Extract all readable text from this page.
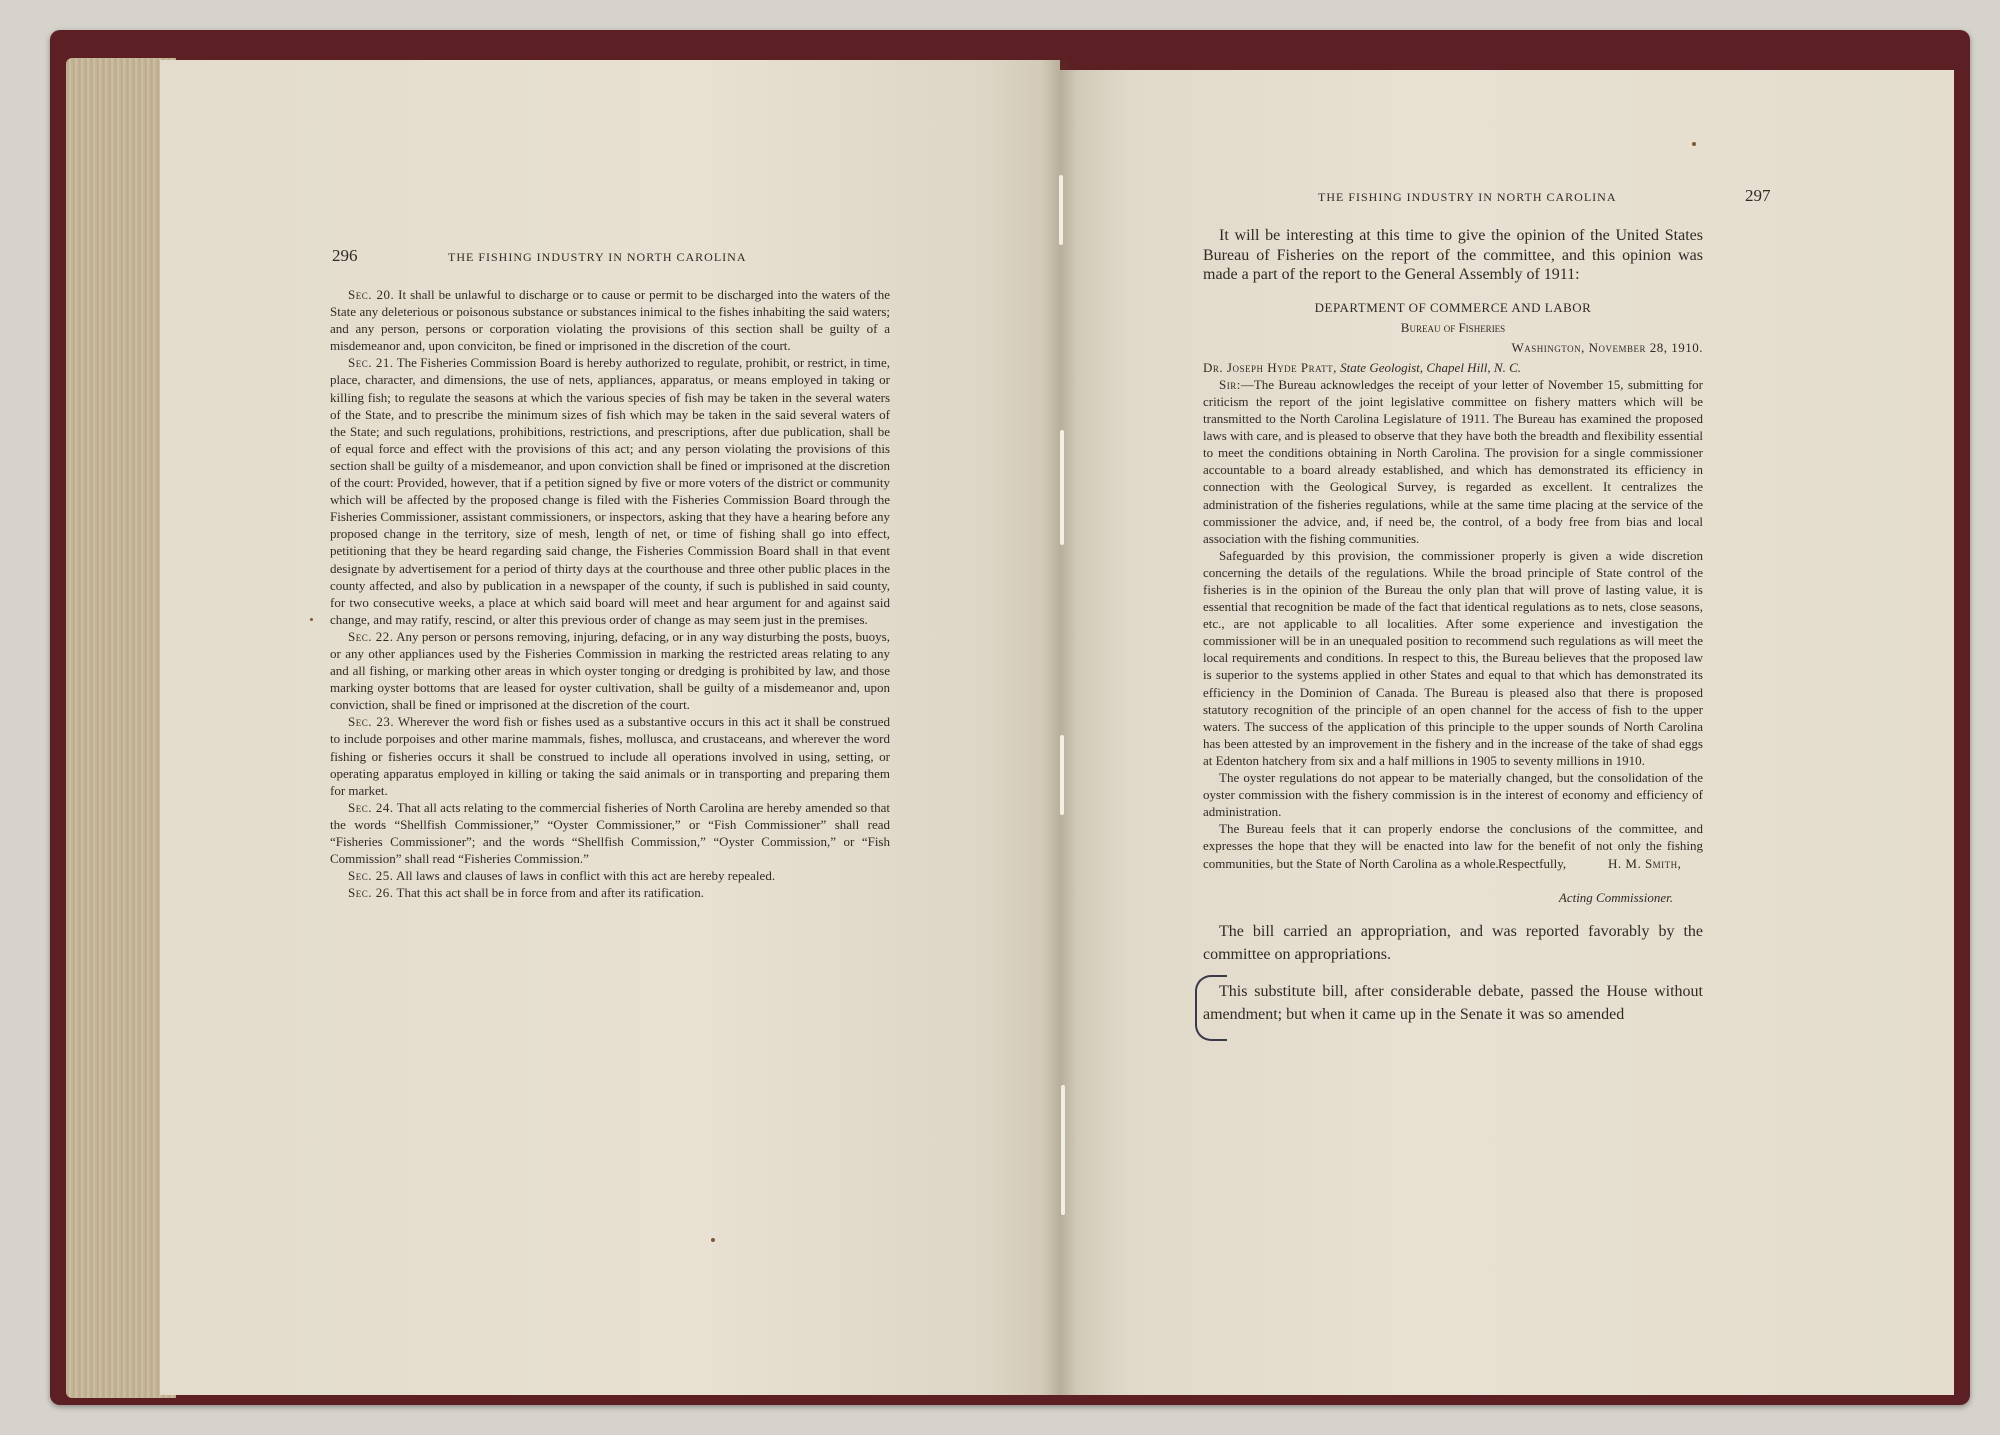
296	THE FISHING INDUSTRY IN NORTH CAROLINA

Sec. 20. It shall be unlawful to discharge or to cause or permit to be discharged into the waters of the State any deleterious or poisonous substance or substances inimical to the fishes inhabiting the said waters; and any person, persons or corporation violating the provisions of this section shall be guilty of a misdemeanor and, upon conviciton, be fined or imprisoned in the discretion of the court.

Sec. 21. The Fisheries Commission Board is hereby authorized to regulate, prohibit, or restrict, in time, place, character, and dimensions, the use of nets, appliances, apparatus, or means employed in taking or killing fish; to regulate the seasons at which the various species of fish may be taken in the several waters of the State, and to prescribe the minimum sizes of fish which may be taken in the said several waters of the State; and such regulations, prohibitions, restrictions, and prescriptions, after due publication, shall be of equal force and effect with the provisions of this act; and any person violating the provisions of this section shall be guilty of a misdemeanor, and upon conviction shall be fined or imprisoned at the discretion of the court: Provided, however, that if a petition signed by five or more voters of the district or community which will be affected by the proposed change is filed with the Fisheries Commission Board through the Fisheries Commissioner, assistant commissioners, or inspectors, asking that they have a hearing before any proposed change in the territory, size of mesh, length of net, or time of fishing shall go into effect, petitioning that they be heard regarding said change, the Fisheries Commission Board shall in that event designate by advertisement for a period of thirty days at the courthouse and three other public places in the county affected, and also by publication in a newspaper of the county, if such is published in said county, for two consecutive weeks, a place at which said board will meet and hear argument for and against said change, and may ratify, rescind, or alter this previous order of change as may seem just in the premises.

Sec. 22. Any person or persons removing, injuring, defacing, or in any way disturbing the posts, buoys, or any other appliances used by the Fisheries Commission in marking the restricted areas relating to any and all fishing, or marking other areas in which oyster tonging or dredging is prohibited by law, and those marking oyster bottoms that are leased for oyster cultivation, shall be guilty of a misdemeanor and, upon conviction, shall be fined or imprisoned at the discretion of the court.

Sec. 23. Wherever the word fish or fishes used as a substantive occurs in this act it shall be construed to include porpoises and other marine mammals, fishes, mollusca, and crustaceans, and wherever the word fishing or fisheries occurs it shall be construed to include all operations involved in using, setting, or operating apparatus employed in killing or taking the said animals or in transporting and preparing them for market.

Sec. 24. That all acts relating to the commercial fisheries of North Carolina are hereby amended so that the words “Shellfish Commissioner,” “Oyster Commissioner,” or “Fish Commissioner” shall read “Fisheries Commissioner”; and the words “Shellfish Commission,” “Oyster Commission,” or “Fish Commission” shall read “Fisheries Commission.”

Sec. 25. All laws and clauses of laws in conflict with this act are hereby repealed.

Sec. 26. That this act shall be in force from and after its ratification.

THE FISHING INDUSTRY IN NORTH CAROLINA	297

It will be interesting at this time to give the opinion of the United States Bureau of Fisheries on the report of the committee, and this opinion was made a part of the report to the General Assembly of 1911:

DEPARTMENT OF COMMERCE AND LABOR

Bureau of Fisheries

Washington, November 28, 1910.

Dr. Joseph Hyde Pratt, State Geologist, Chapel Hill, N. C.

Sir:—The Bureau acknowledges the receipt of your letter of November 15, submitting for criticism the report of the joint legislative committee on fishery matters which will be transmitted to the North Carolina Legislature of 1911. The Bureau has examined the proposed laws with care, and is pleased to observe that they have both the breadth and flexibility essential to meet the conditions obtaining in North Carolina. The provision for a single commissioner accountable to a board already established, and which has demonstrated its efficiency in connection with the Geological Survey, is regarded as excellent. It centralizes the administration of the fisheries regulations, while at the same time placing at the service of the commissioner the advice, and, if need be, the control, of a body free from bias and local association with the fishing communities.

Safeguarded by this provision, the commissioner properly is given a wide discretion concerning the details of the regulations. While the broad principle of State control of the fisheries is in the opinion of the Bureau the only plan that will prove of lasting value, it is essential that recognition be made of the fact that identical regulations as to nets, close seasons, etc., are not applicable to all localities. After some experience and investigation the commissioner will be in an unequaled position to recommend such regulations as will meet the local requirements and conditions. In respect to this, the Bureau believes that the proposed law is superior to the systems applied in other States and equal to that which has demonstrated its efficiency in the Dominion of Canada. The Bureau is pleased also that there is proposed statutory recognition of the principle of an open channel for the access of fish to the upper waters. The success of the application of this principle to the upper sounds of North Carolina has been attested by an improvement in the fishery and in the increase of the take of shad eggs at Edenton hatchery from six and a half millions in 1905 to seventy millions in 1910.

The oyster regulations do not appear to be materially changed, but the consolidation of the oyster commission with the fishery commission is in the interest of economy and efficiency of administration.

The Bureau feels that it can properly endorse the conclusions of the committee, and expresses the hope that they will be enacted into law for the benefit of not only the fishing communities, but the State of North Carolina as a whole. Respectfully,	H. M. Smith,

Acting Commissioner.

The bill carried an appropriation, and was reported favorably by the committee on appropriations.

This substitute bill, after considerable debate, passed the House without amendment; but when it came up in the Senate it was so amended
